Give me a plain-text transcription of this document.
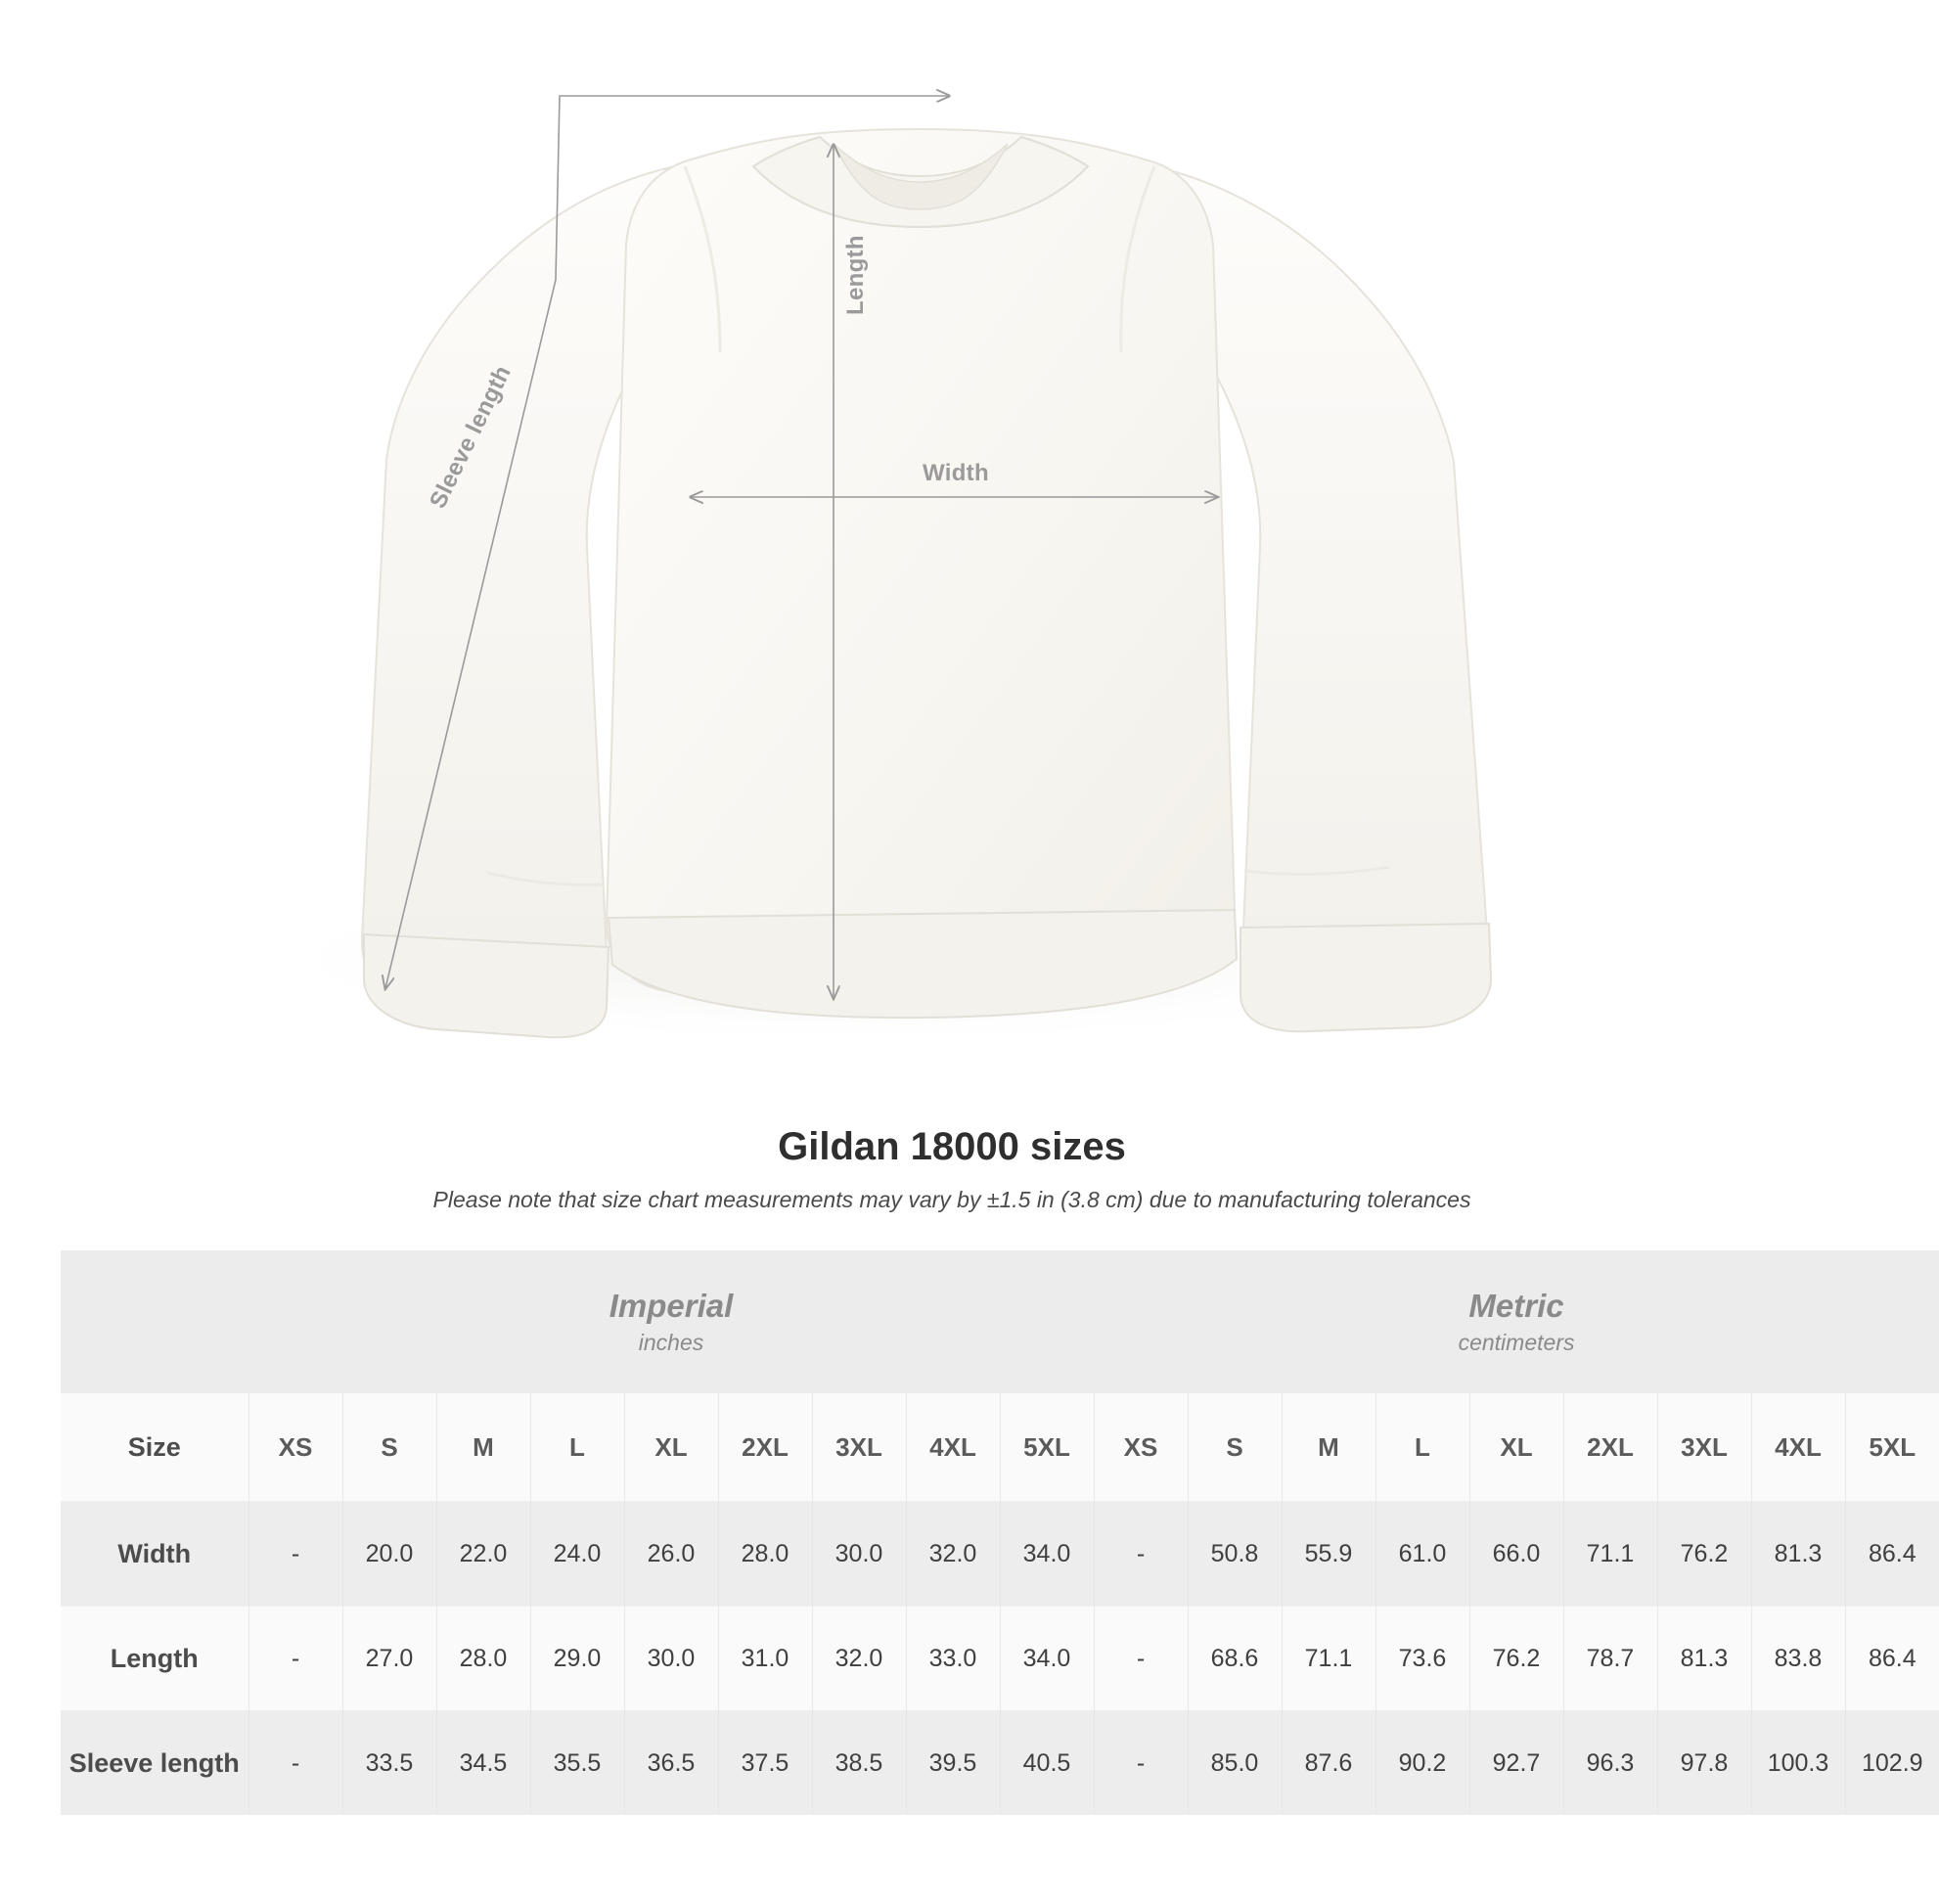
Width
Length
Sleeve length
Gildan 18000 sizes

Please note that size chart measurements may vary by ±1.5 in (3.8 cm) due to manufacturing tolerances

	Imperial
inches									Metric
centimeters								

Size	XS	S	M	L	XL	2XL	3XL	4XL	5XL	XS	S	M	L	XL	2XL	3XL	4XL	5XL
Width	-	20.0	22.0	24.0	26.0	28.0	30.0	32.0	34.0	-	50.8	55.9	61.0	66.0	71.1	76.2	81.3	86.4
Length	-	27.0	28.0	29.0	30.0	31.0	32.0	33.0	34.0	-	68.6	71.1	73.6	76.2	78.7	81.3	83.8	86.4
Sleeve length	-	33.5	34.5	35.5	36.5	37.5	38.5	39.5	40.5	-	85.0	87.6	90.2	92.7	96.3	97.8	100.3	102.9
